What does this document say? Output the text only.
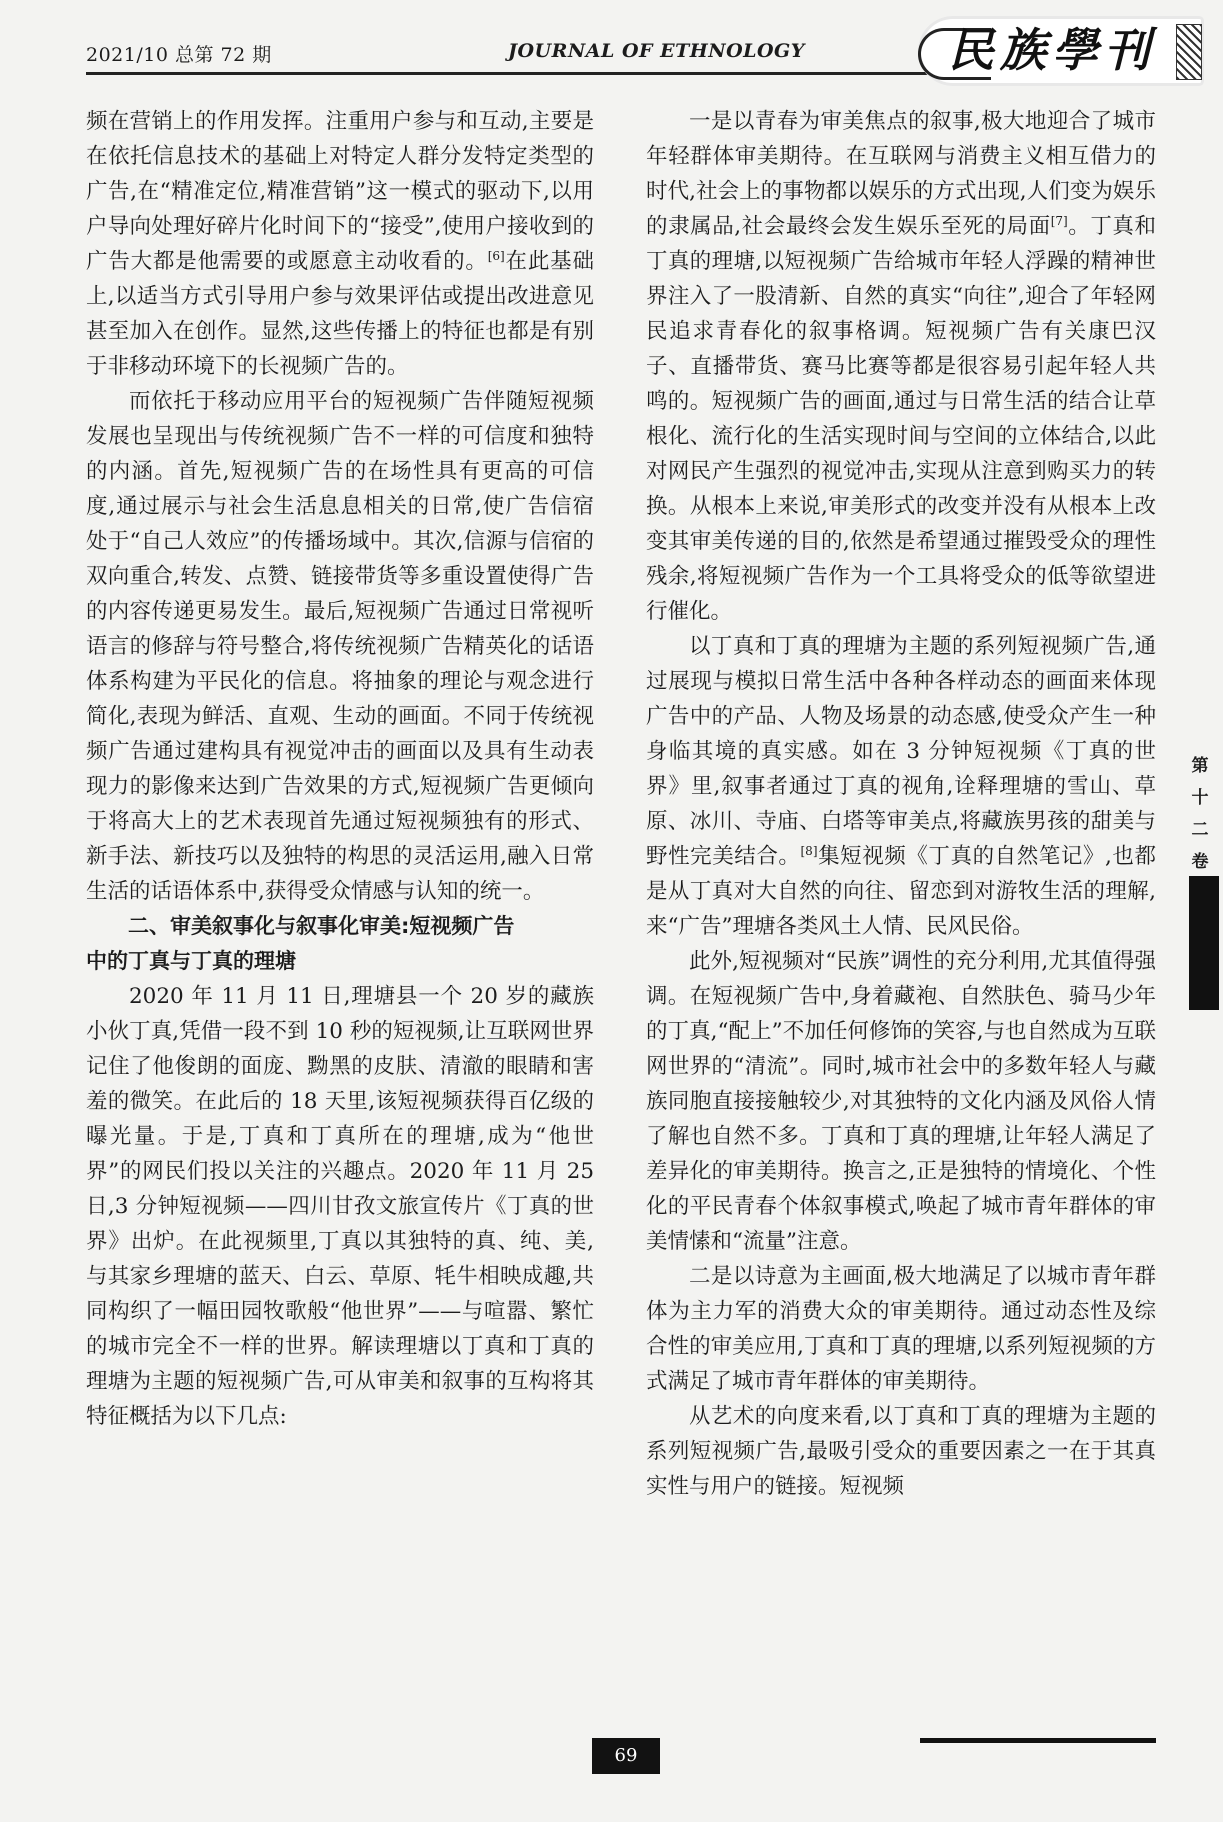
2021/10 总第 72 期	JOURNAL OF ETHNOLOGY	民族學刊

频在营销上的作用发挥。注重用户参与和互动,主要是在依托信息技术的基础上对特定人群分发特定类型的广告,在“精准定位,精准营销”这一模式的驱动下,以用户导向处理好碎片化时间下的“接受”,使用户接收到的广告大都是他需要的或愿意主动收看的。[6]在此基础上,以适当方式引导用户参与效果评估或提出改进意见甚至加入在创作。显然,这些传播上的特征也都是有别于非移动环境下的长视频广告的。

而依托于移动应用平台的短视频广告伴随短视频发展也呈现出与传统视频广告不一样的可信度和独特的内涵。首先,短视频广告的在场性具有更高的可信度,通过展示与社会生活息息相关的日常,使广告信宿处于“自己人效应”的传播场域中。其次,信源与信宿的双向重合,转发、点赞、链接带货等多重设置使得广告的内容传递更易发生。最后,短视频广告通过日常视听语言的修辞与符号整合,将传统视频广告精英化的话语体系构建为平民化的信息。将抽象的理论与观念进行简化,表现为鲜活、直观、生动的画面。不同于传统视频广告通过建构具有视觉冲击的画面以及具有生动表现力的影像来达到广告效果的方式,短视频广告更倾向于将高大上的艺术表现首先通过短视频独有的形式、新手法、新技巧以及独特的构思的灵活运用,融入日常生活的话语体系中,获得受众情感与认知的统一。

二、审美叙事化与叙事化审美:短视频广告

中的丁真与丁真的理塘

2020 年 11 月 11 日,理塘县一个 20 岁的藏族小伙丁真,凭借一段不到 10 秒的短视频,让互联网世界记住了他俊朗的面庞、黝黑的皮肤、清澈的眼睛和害羞的微笑。在此后的 18 天里,该短视频获得百亿级的曝光量。于是,丁真和丁真所在的理塘,成为“他世界”的网民们投以关注的兴趣点。2020 年 11 月 25 日,3 分钟短视频——四川甘孜文旅宣传片《丁真的世界》出炉。在此视频里,丁真以其独特的真、纯、美,与其家乡理塘的蓝天、白云、草原、牦牛相映成趣,共同构织了一幅田园牧歌般“他世界”——与喧嚣、繁忙的城市完全不一样的世界。解读理塘以丁真和丁真的理塘为主题的短视频广告,可从审美和叙事的互构将其特征概括为以下几点:

一是以青春为审美焦点的叙事,极大地迎合了城市年轻群体审美期待。在互联网与消费主义相互借力的时代,社会上的事物都以娱乐的方式出现,人们变为娱乐的隶属品,社会最终会发生娱乐至死的局面[7]。丁真和丁真的理塘,以短视频广告给城市年轻人浮躁的精神世界注入了一股清新、自然的真实“向往”,迎合了年轻网民追求青春化的叙事格调。短视频广告有关康巴汉子、直播带货、赛马比赛等都是很容易引起年轻人共鸣的。短视频广告的画面,通过与日常生活的结合让草根化、流行化的生活实现时间与空间的立体结合,以此对网民产生强烈的视觉冲击,实现从注意到购买力的转换。从根本上来说,审美形式的改变并没有从根本上改变其审美传递的目的,依然是希望通过摧毁受众的理性残余,将短视频广告作为一个工具将受众的低等欲望进行催化。

以丁真和丁真的理塘为主题的系列短视频广告,通过展现与模拟日常生活中各种各样动态的画面来体现广告中的产品、人物及场景的动态感,使受众产生一种身临其境的真实感。如在 3 分钟短视频《丁真的世界》里,叙事者通过丁真的视角,诠释理塘的雪山、草原、冰川、寺庙、白塔等审美点,将藏族男孩的甜美与野性完美结合。[8]集短视频《丁真的自然笔记》,也都是从丁真对大自然的向往、留恋到对游牧生活的理解,来“广告”理塘各类风土人情、民风民俗。

此外,短视频对“民族”调性的充分利用,尤其值得强调。在短视频广告中,身着藏袍、自然肤色、骑马少年的丁真,“配上”不加任何修饰的笑容,与也自然成为互联网世界的“清流”。同时,城市社会中的多数年轻人与藏族同胞直接接触较少,对其独特的文化内涵及风俗人情了解也自然不多。丁真和丁真的理塘,让年轻人满足了差异化的审美期待。换言之,正是独特的情境化、个性化的平民青春个体叙事模式,唤起了城市青年群体的审美情愫和“流量”注意。

二是以诗意为主画面,极大地满足了以城市青年群体为主力军的消费大众的审美期待。通过动态性及综合性的审美应用,丁真和丁真的理塘,以系列短视频的方式满足了城市青年群体的审美期待。

从艺术的向度来看,以丁真和丁真的理塘为主题的系列短视频广告,最吸引受众的重要因素之一在于其真实性与用户的链接。短视频

第十二卷
69
